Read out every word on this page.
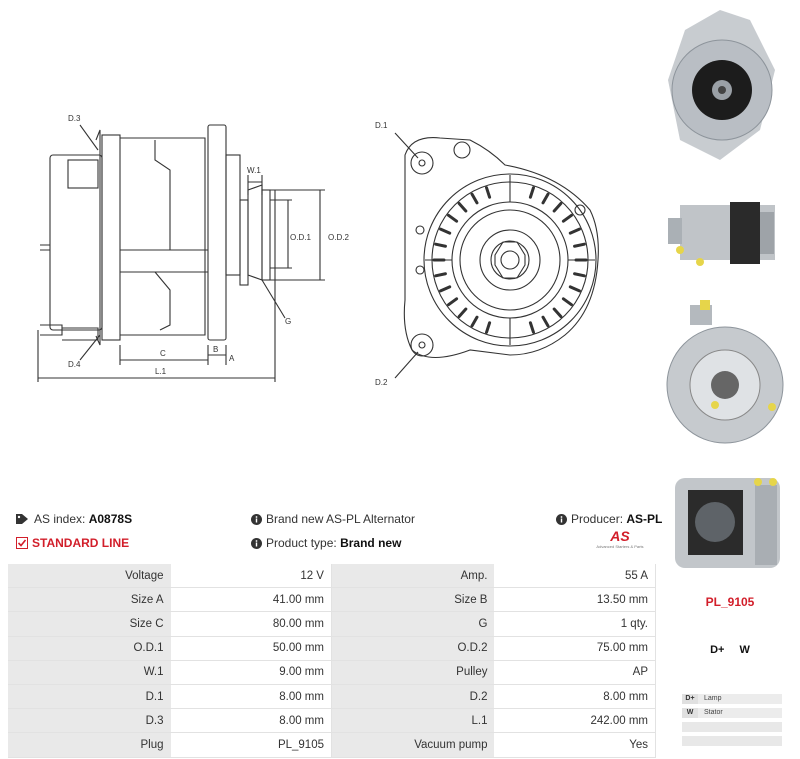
D.3
D.4
W.1
O.D.1 O.D.2
G
C	B
A
L.1
D.1
D.2
AS index: A0878S	Brand new AS-PL Alternator	Producer: AS-PL
STANDARD LINE	Product type: Brand new	AS
Advanced Starters & Parts
Voltage	12 V	Amp.	55 A
Size A	41.00 mm	Size B	13.50 mm
Size C	80.00 mm	G	1 qty.
O.D.1	50.00 mm	O.D.2	75.00 mm
W.1	9.00 mm	Pulley	AP
D.1	8.00 mm	D.2	8.00 mm
D.3	8.00 mm	L.1	242.00 mm
Plug	PL_9105	Vacuum pump	Yes
PL_9105
D+ W
D+	Lamp
W	Stator
